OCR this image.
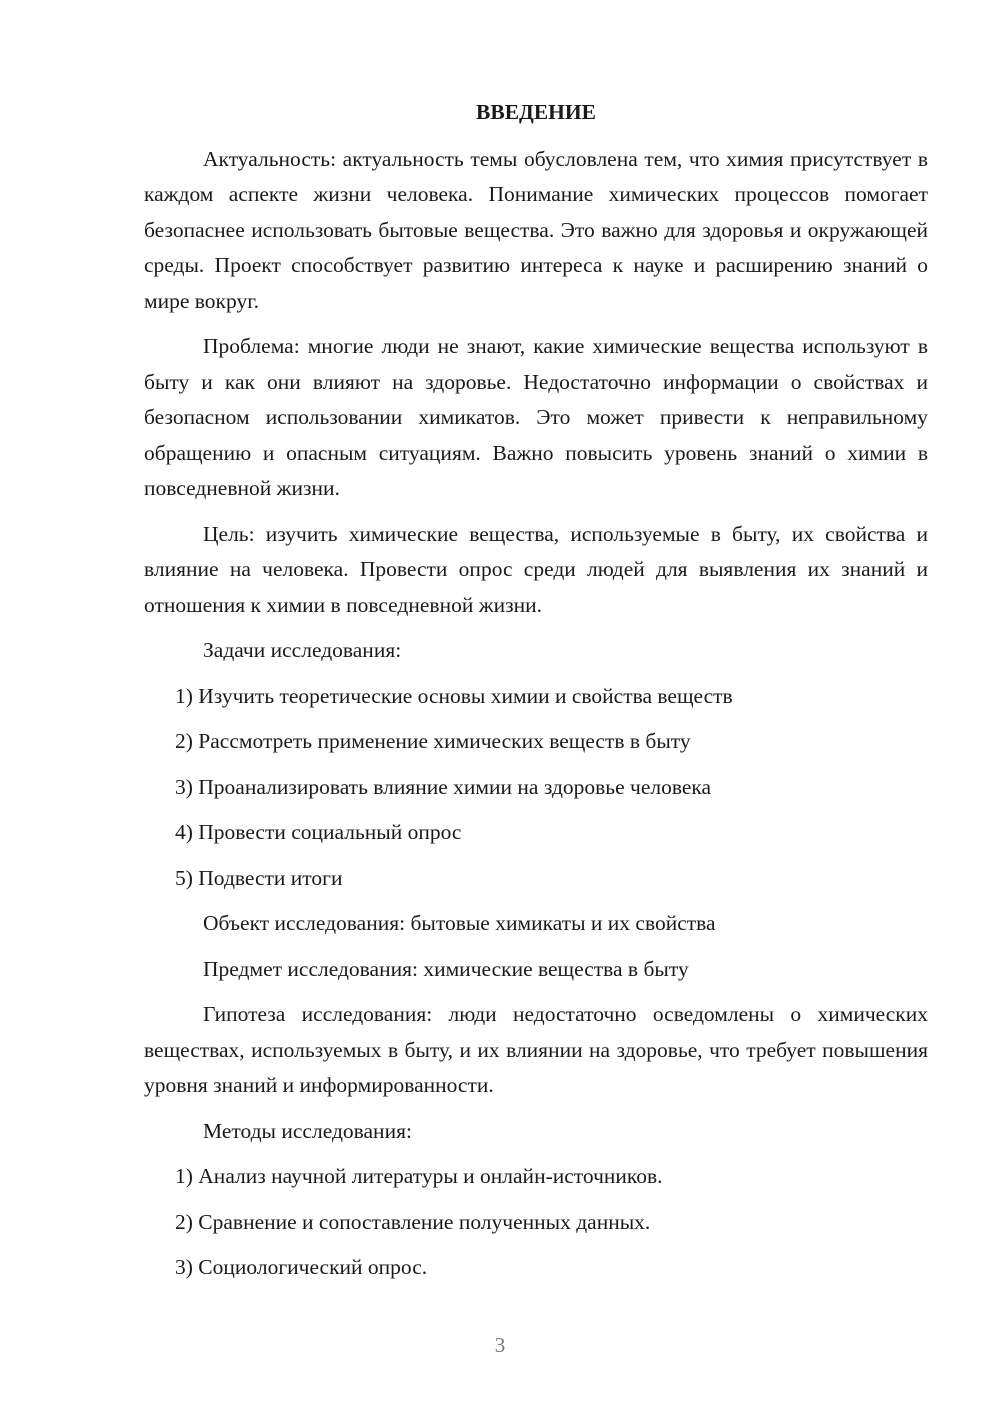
ВВЕДЕНИЕ
Актуальность: актуальность темы обусловлена тем, что химия присутствует в каждом аспекте жизни человека. Понимание химических процессов помогает безопаснее использовать бытовые вещества. Это важно для здоровья и окружающей среды. Проект способствует развитию интереса к науке и расширению знаний о мире вокруг.
Проблема: многие люди не знают, какие химические вещества используют в быту и как они влияют на здоровье. Недостаточно информации о свойствах и безопасном использовании химикатов. Это может привести к неправильному обращению и опасным ситуациям. Важно повысить уровень знаний о химии в повседневной жизни.
Цель: изучить химические вещества, используемые в быту, их свойства и влияние на человека. Провести опрос среди людей для выявления их знаний и отношения к химии в повседневной жизни.
Задачи исследования:
1) Изучить теоретические основы химии и свойства веществ
2) Рассмотреть применение химических веществ в быту
3) Проанализировать влияние химии на здоровье человека
4) Провести социальный опрос
5) Подвести итоги
Объект исследования: бытовые химикаты и их свойства
Предмет исследования: химические вещества в быту
Гипотеза исследования: люди недостаточно осведомлены о химических веществах, используемых в быту, и их влиянии на здоровье, что требует повышения уровня знаний и информированности.
Методы исследования:
1) Анализ научной литературы и онлайн-источников.
2) Сравнение и сопоставление полученных данных.
3) Социологический опрос.
3
